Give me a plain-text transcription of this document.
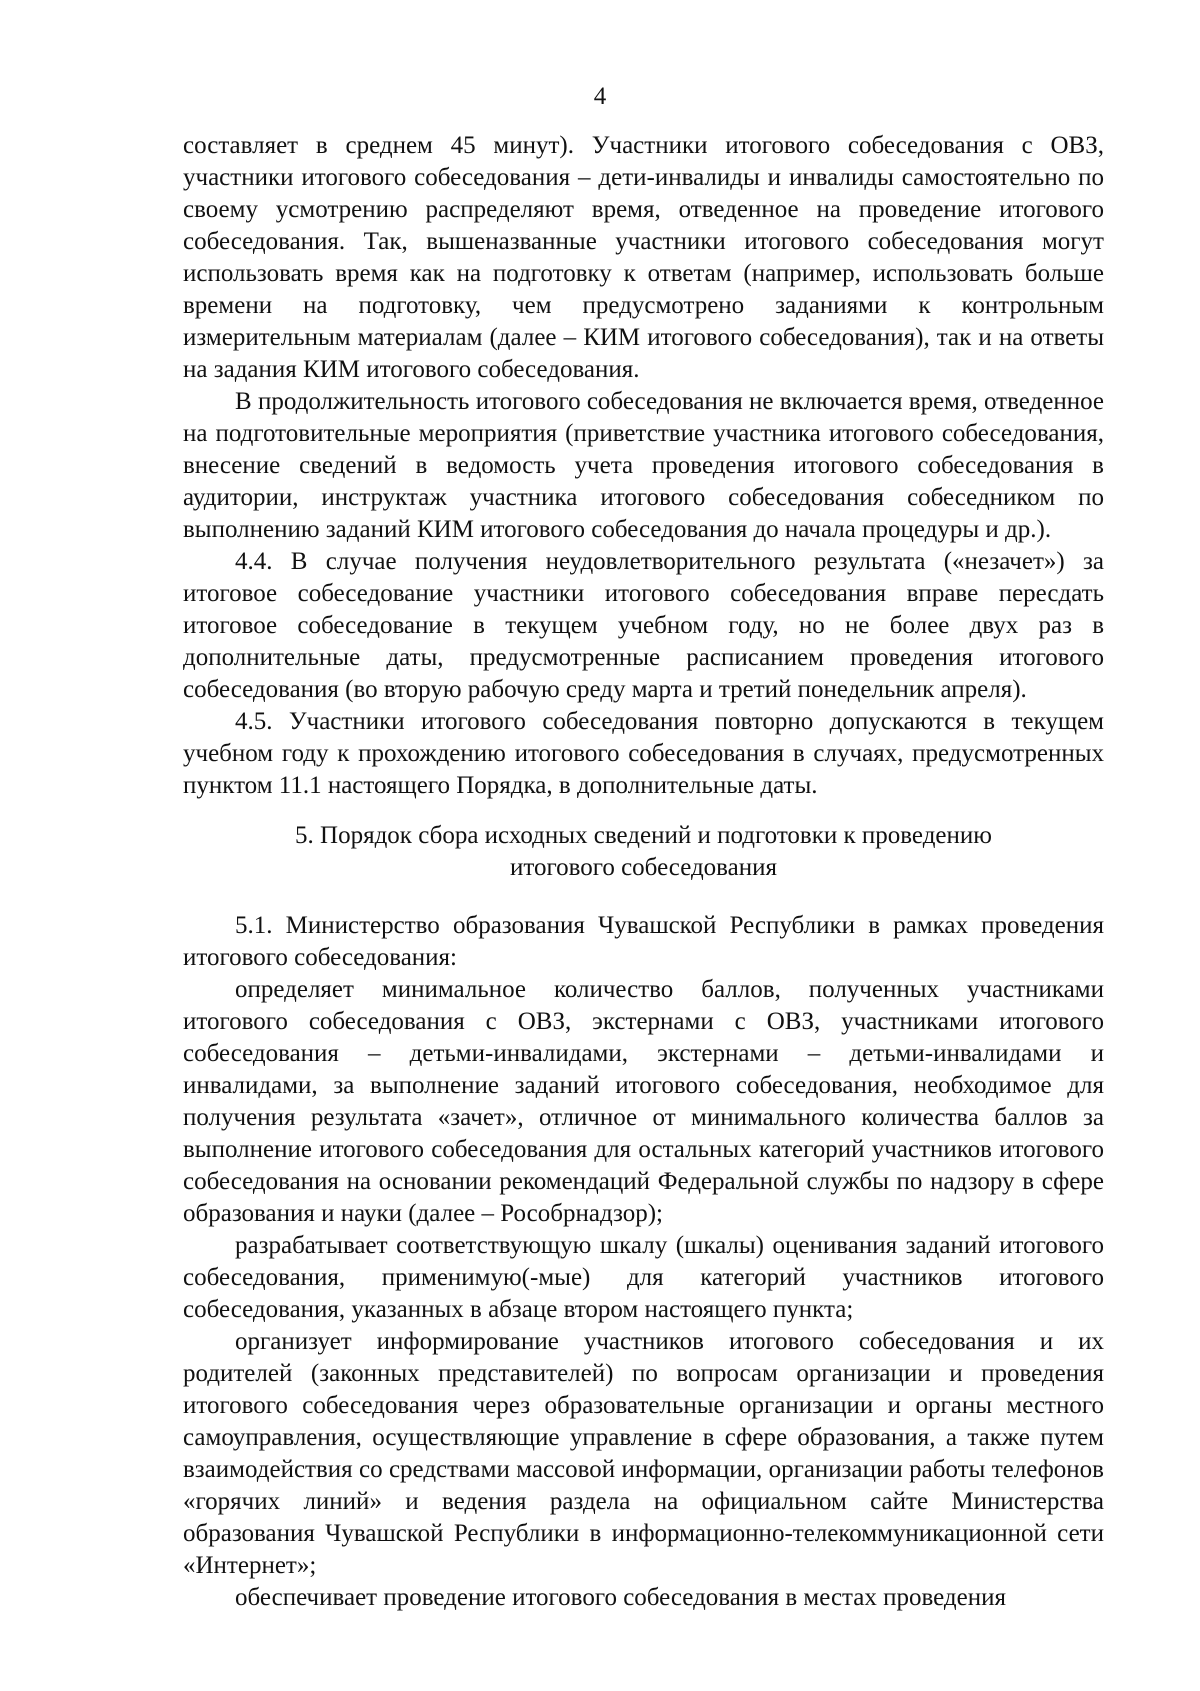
4

составляет в среднем 45 минут). Участники итогового собеседования с ОВЗ, участники итогового собеседования – дети-инвалиды и инвалиды самостоятельно по своему усмотрению распределяют время, отведенное на проведение итогового собеседования. Так, вышеназванные участники итогового собеседования могут использовать время как на подготовку к ответам (например, использовать больше времени на подготовку, чем предусмотрено заданиями к контрольным измерительным материалам (далее – КИМ итогового собеседования), так и на ответы на задания КИМ итогового собеседования.

В продолжительность итогового собеседования не включается время, отведенное на подготовительные мероприятия (приветствие участника итогового собеседования, внесение сведений в ведомость учета проведения итогового собеседования в аудитории, инструктаж участника итогового собеседования собеседником по выполнению заданий КИМ итогового собеседования до начала процедуры и др.).

4.4. В случае получения неудовлетворительного результата («незачет») за итоговое собеседование участники итогового собеседования вправе пересдать итоговое собеседование в текущем учебном году, но не более двух раз в дополнительные даты, предусмотренные расписанием проведения итогового собеседования (во вторую рабочую среду марта и третий понедельник апреля).

4.5. Участники итогового собеседования повторно допускаются в текущем учебном году к прохождению итогового собеседования в случаях, предусмотренных пунктом 11.1 настоящего Порядка, в дополнительные даты.

5. Порядок сбора исходных сведений и подготовки к проведению
итогового собеседования

5.1. Министерство образования Чувашской Республики в рамках проведения итогового собеседования:

определяет минимальное количество баллов, полученных участниками итогового собеседования с ОВЗ, экстернами с ОВЗ, участниками итогового собеседования – детьми-инвалидами, экстернами – детьми-инвалидами и инвалидами, за выполнение заданий итогового собеседования, необходимое для получения результата «зачет», отличное от минимального количества баллов за выполнение итогового собеседования для остальных категорий участников итогового собеседования на основании рекомендаций Федеральной службы по надзору в сфере образования и науки (далее – Рособрнадзор);

разрабатывает соответствующую шкалу (шкалы) оценивания заданий итогового собеседования, применимую(-мые) для категорий участников итогового собеседования, указанных в абзаце втором настоящего пункта;

организует информирование участников итогового собеседования и их родителей (законных представителей) по вопросам организации и проведения итогового собеседования через образовательные организации и органы местного самоуправления, осуществляющие управление в сфере образования, а также путем взаимодействия со средствами массовой информации, организации работы телефонов «горячих линий» и ведения раздела на официальном сайте Министерства образования Чувашской Республики в информационно-телекоммуникационной сети «Интернет»;

обеспечивает проведение итогового собеседования в местах проведения
